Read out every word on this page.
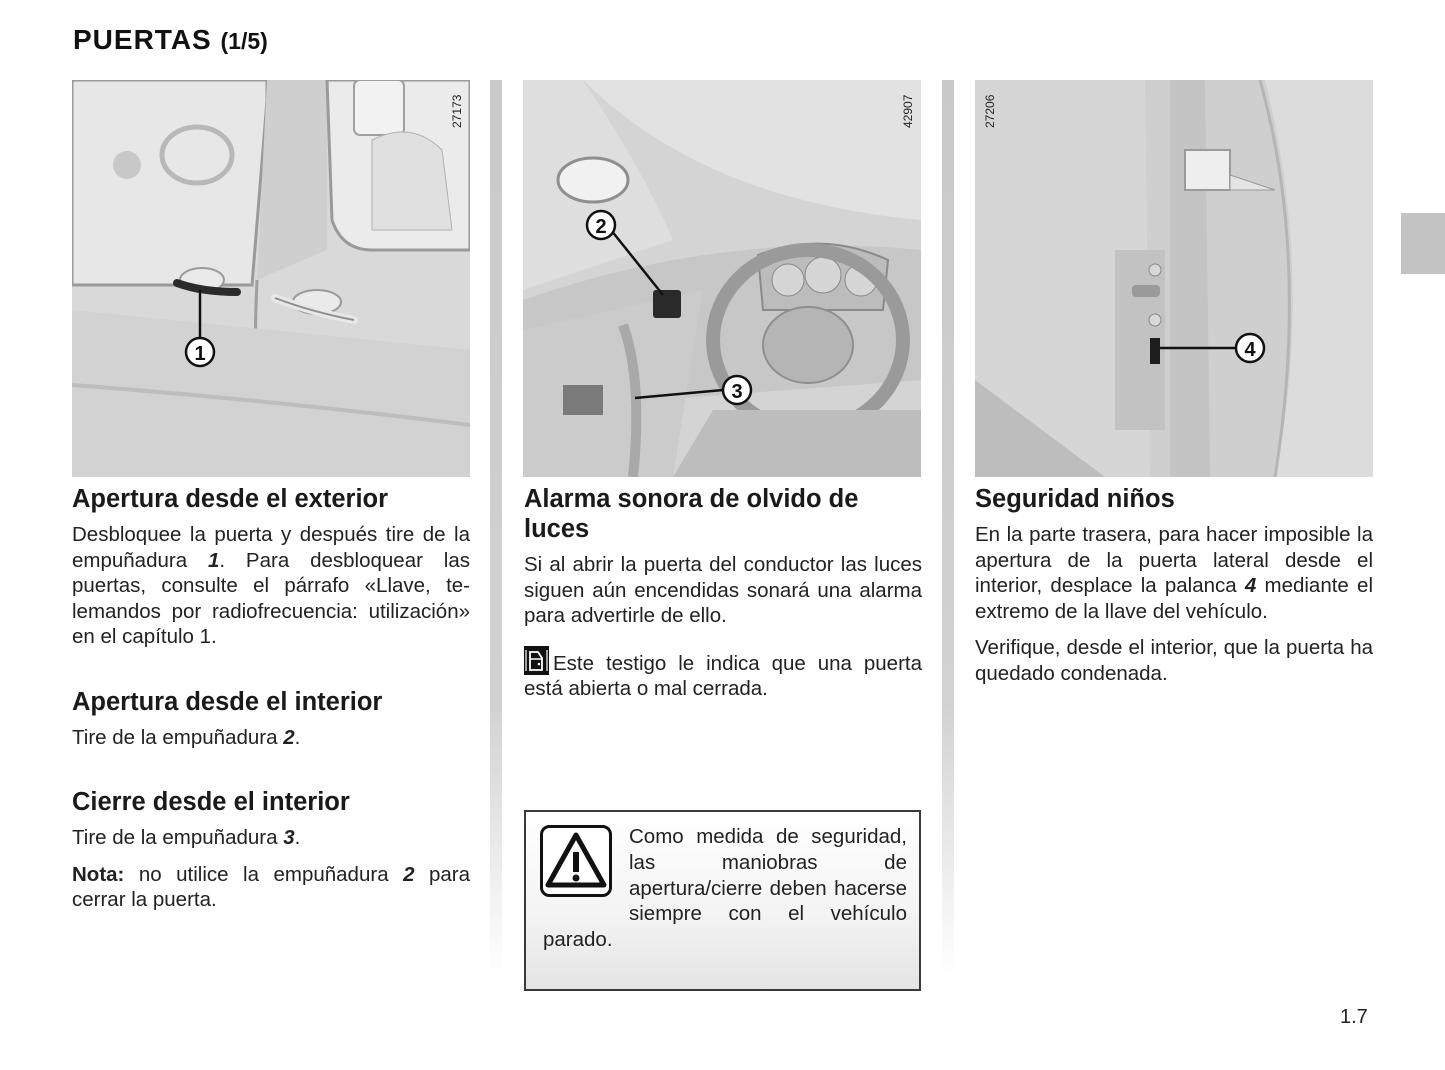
PUERTAS (1/5)
1
27173
2
3
42907
4
27206
Apertura desde el exterior

Desbloquee la puerta y después tire de la empuñadura 1. Para desbloquear las puertas, consulte el párrafo «Llave, telemandos por radiofrecuencia: utilización» en el capítulo 1.

Apertura desde el interior

Tire de la empuñadura 2.

Cierre desde el interior

Tire de la empuñadura 3.

Nota: no utilice la empuñadura 2 para cerrar la puerta.

Alarma sonora de olvido de luces

Si al abrir la puerta del conductor las luces siguen aún encendidas sonará una alarma para advertirle de ello.

Este testigo le indica que una puerta está abierta o mal cerrada.

Como medida de seguridad, las maniobras de apertura/cierre deben hacerse siempre con el vehículo parado.
Seguridad niños

En la parte trasera, para hacer imposible la apertura de la puerta lateral desde el interior, desplace la palanca 4 mediante el extremo de la llave del vehículo.

Verifique, desde el interior, que la puerta ha quedado condenada.

1.7
